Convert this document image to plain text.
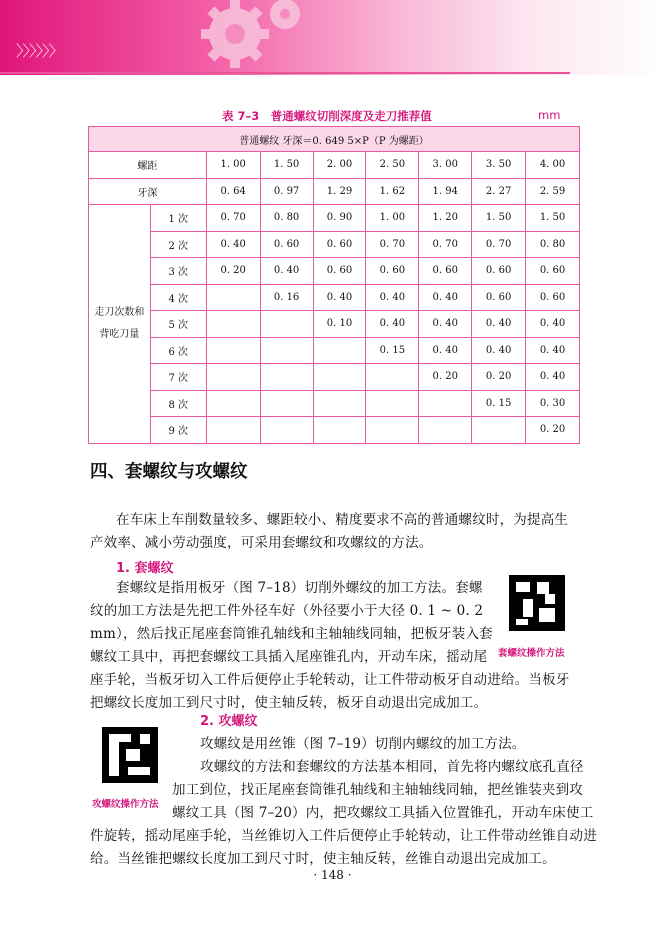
〉〉〉〉〉〉
表 7–3　普通螺纹切削深度及走刀推荐值	mm
普通螺纹 牙深＝0. 649 5×P（P 为螺距）								
螺距		1. 00	1. 50	2. 00	2. 50	3. 00	3. 50	4. 00
牙深		0. 64	0. 97	1. 29	1. 62	1. 94	2. 27	2. 59

走刀次数和
背吃刀量	1 次	0. 70	0. 80	0. 90	1. 00	1. 20	1. 50	1. 50
	2 次	0. 40	0. 60	0. 60	0. 70	0. 70	0. 70	0. 80
	3 次	0. 20	0. 40	0. 60	0. 60	0. 60	0. 60	0. 60
	4 次		0. 16	0. 40	0. 40	0. 40	0. 60	0. 60
	5 次			0. 10	0. 40	0. 40	0. 40	0. 40
	6 次				0. 15	0. 40	0. 40	0. 40
	7 次					0. 20	0. 20	0. 40
	8 次						0. 15	0. 30
	9 次							0. 20
四、套螺纹与攻螺纹
在车床上车削数量较多、螺距较小、精度要求不高的普通螺纹时，为提高生
产效率、减小劳动强度，可采用套螺纹和攻螺纹的方法。
1. 套螺纹
套螺纹是指用板牙（图 7–18）切削外螺纹的加工方法。套螺
纹的加工方法是先把工件外径车好（外径要小于大径 0. 1 ~ 0. 2
mm），然后找正尾座套筒锥孔轴线和主轴轴线同轴，把板牙装入套
螺纹工具中，再把套螺纹工具插入尾座锥孔内，开动车床，摇动尾
座手轮，当板牙切入工件后便停止手轮转动，让工件带动板牙自动进给。当板牙
把螺纹长度加工到尺寸时，使主轴反转，板牙自动退出完成加工。
套螺纹操作方法
2. 攻螺纹
攻螺纹是用丝锥（图 7–19）切削内螺纹的加工方法。
攻螺纹的方法和套螺纹的方法基本相同，首先将内螺纹底孔直径
加工到位，找正尾座套筒锥孔轴线和主轴轴线同轴，把丝锥装夹到攻
螺纹工具（图 7–20）内，把攻螺纹工具插入位置锥孔，开动车床使工
件旋转，摇动尾座手轮，当丝锥切入工件后便停止手轮转动，让工件带动丝锥自动进
给。当丝锥把螺纹长度加工到尺寸时，使主轴反转，丝锥自动退出完成加工。
攻螺纹操作方法
· 148 ·
